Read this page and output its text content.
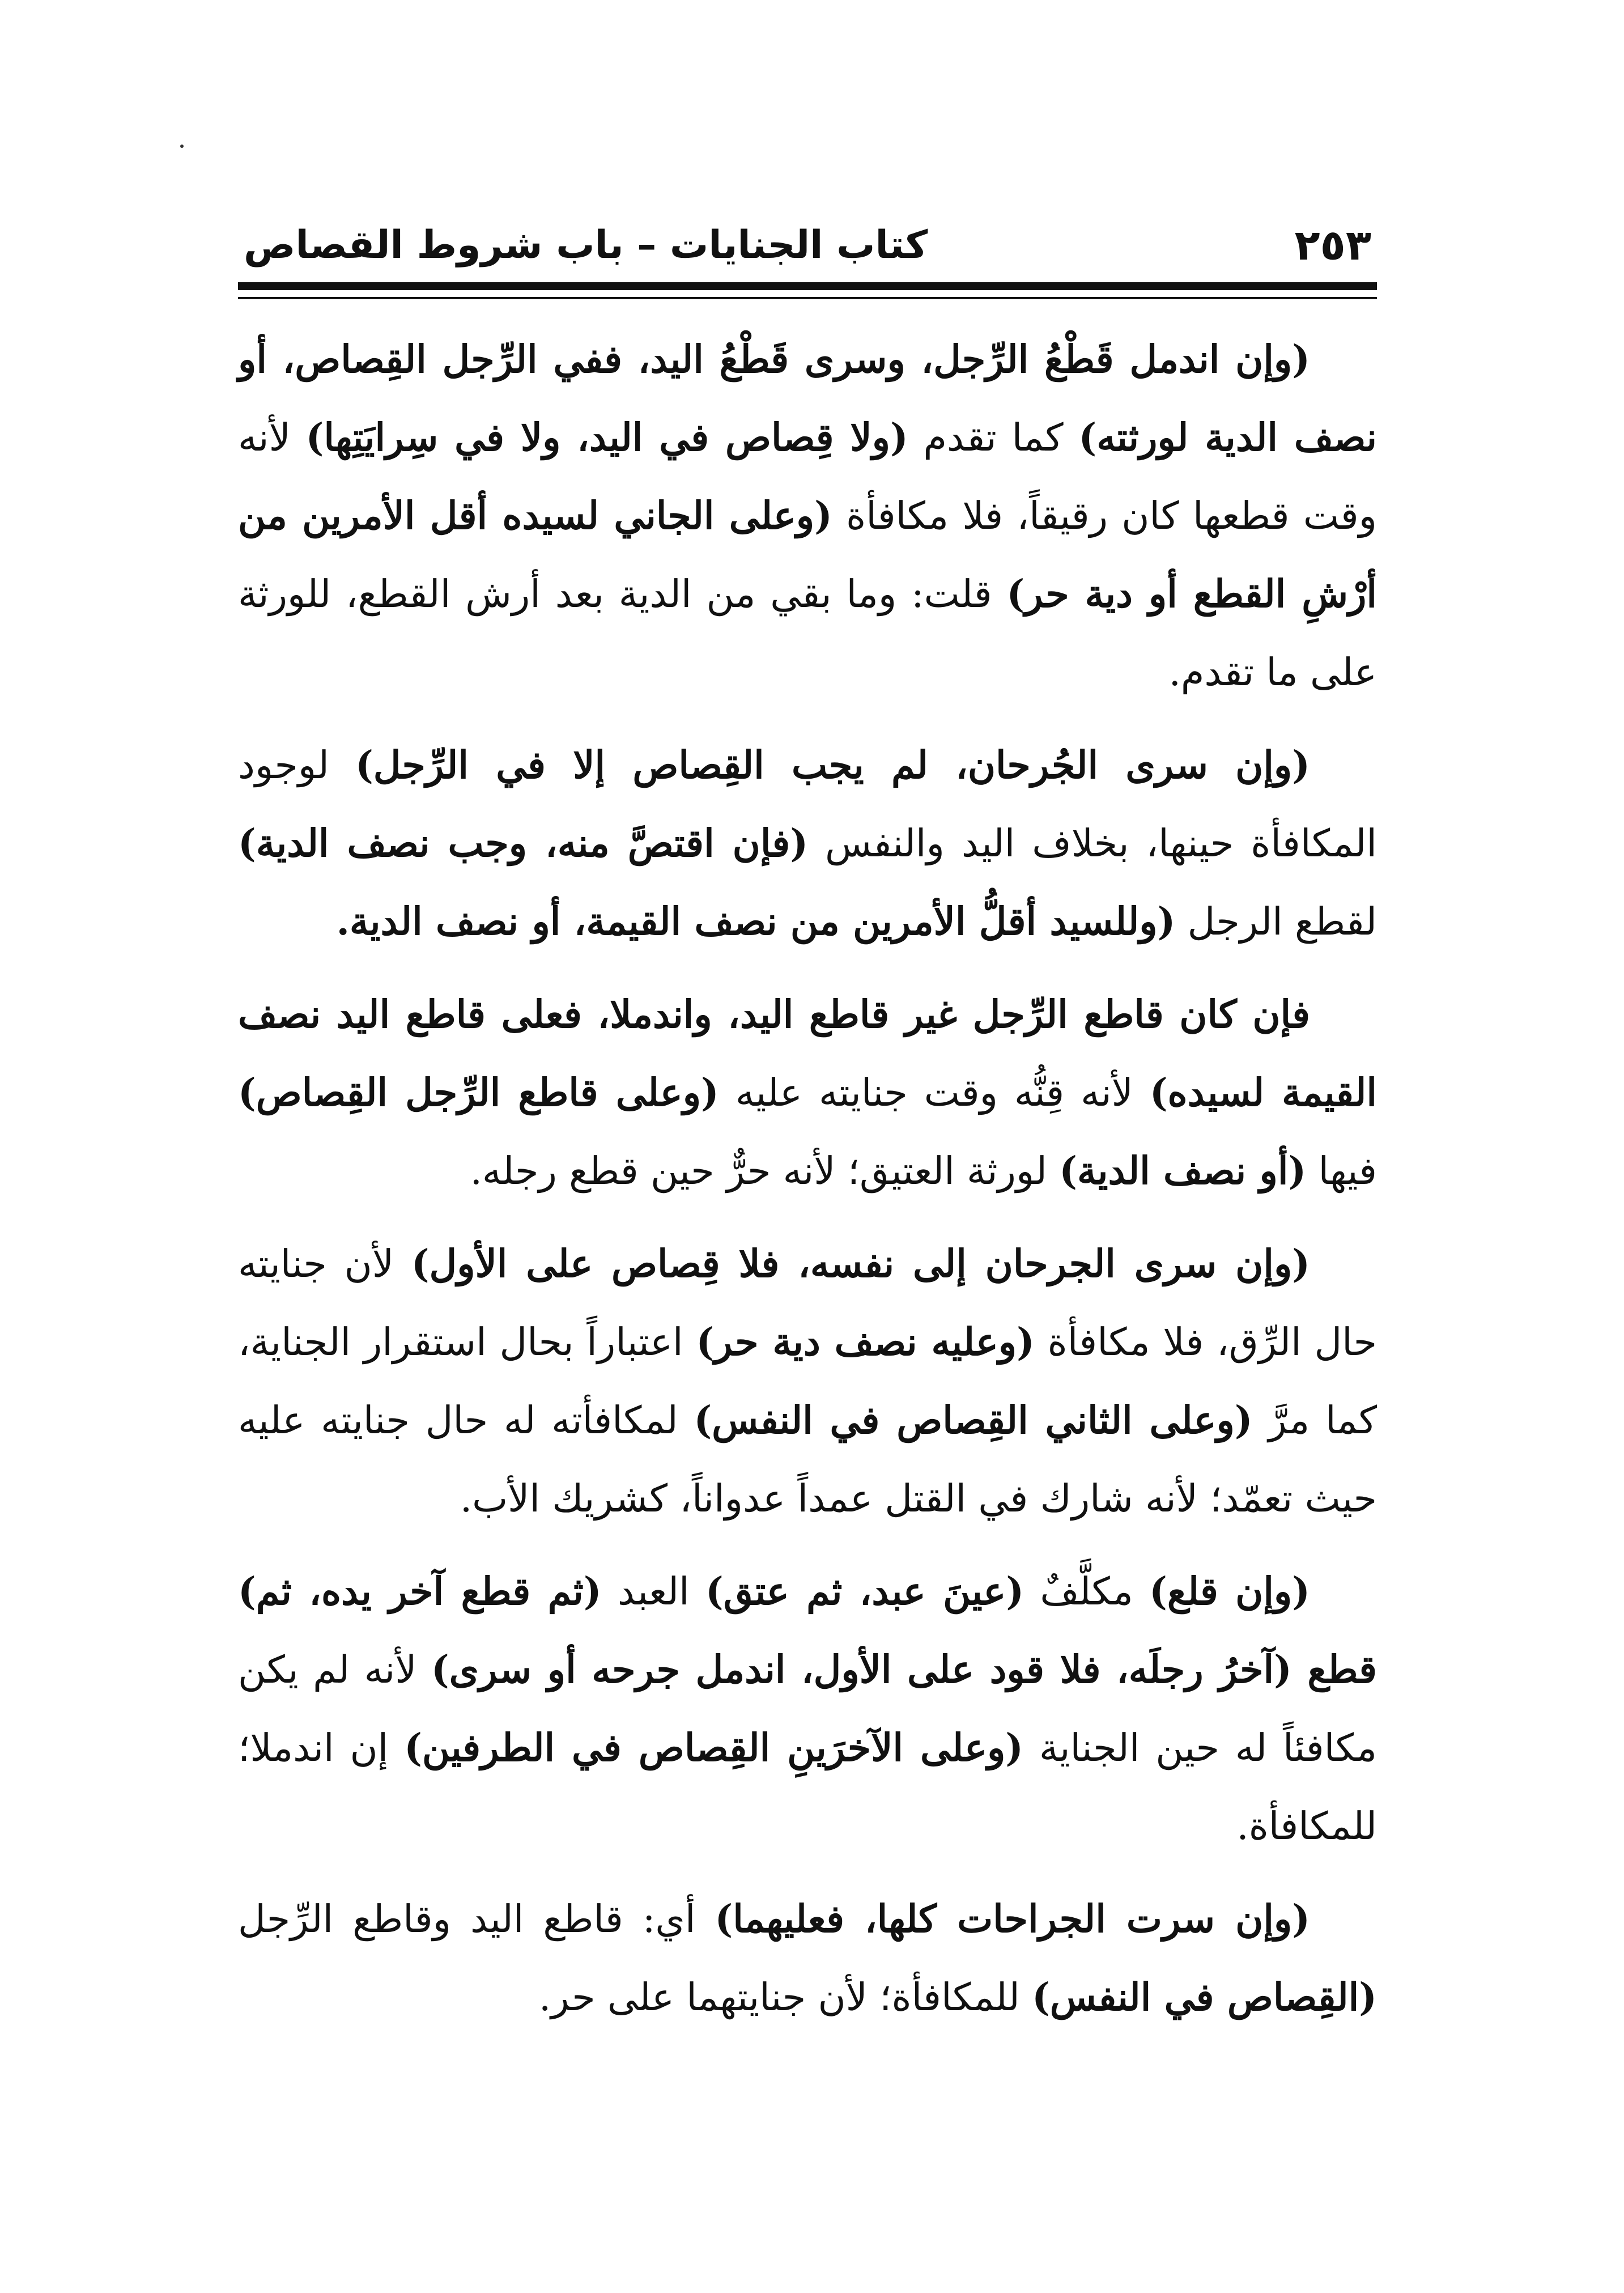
٢٥٣
كتاب الجنايات – باب شروط القصاص

(وإن اندمل قَطْعُ الرِّجل، وسرى قَطْعُ اليد، ففي الرِّجل القِصاص، أو نصف الدية لورثته) كما تقدم (ولا قِصاص في اليد، ولا في سِرايَتِها) لأنه وقت قطعها كان رقيقاً، فلا مكافأة (وعلى الجاني لسيده أقل الأمرين من أرْشِ القطع أو دية حر) قلت: وما بقي من الدية بعد أرش القطع، للورثة على ما تقدم.

(وإن سرى الجُرحان، لم يجب القِصاص إلا في الرِّجل) لوجود المكافأة حينها، بخلاف اليد والنفس (فإن اقتصَّ منه، وجب نصف الدية) لقطع الرجل (وللسيد أقلُّ الأمرين من نصف القيمة، أو نصف الدية.

فإن كان قاطع الرِّجل غير قاطع اليد، واندملا، فعلى قاطع اليد نصف القيمة لسيده) لأنه قِنُّه وقت جنايته عليه (وعلى قاطع الرِّجل القِصاص) فيها (أو نصف الدية) لورثة العتيق؛ لأنه حرٌّ حين قطع رجله.

(وإن سرى الجرحان إلى نفسه، فلا قِصاص على الأول) لأن جنايته حال الرِّق، فلا مكافأة (وعليه نصف دية حر) اعتباراً بحال استقرار الجناية، كما مرَّ (وعلى الثاني القِصاص في النفس) لمكافأته له حال جنايته عليه حيث تعمّد؛ لأنه شارك في القتل عمداً عدواناً، كشريك الأب.

(وإن قلع) مكلَّفٌ (عينَ عبد، ثم عتق) العبد (ثم قطع آخر يده، ثم) قطع (آخرُ رجلَه، فلا قود على الأول، اندمل جرحه أو سرى) لأنه لم يكن مكافئاً له حين الجناية (وعلى الآخرَينِ القِصاص في الطرفين) إن اندملا؛ للمكافأة.

(وإن سرت الجراحات كلها، فعليهما) أي: قاطع اليد وقاطع الرِّجل (القِصاص في النفس) للمكافأة؛ لأن جنايتهما على حر.
